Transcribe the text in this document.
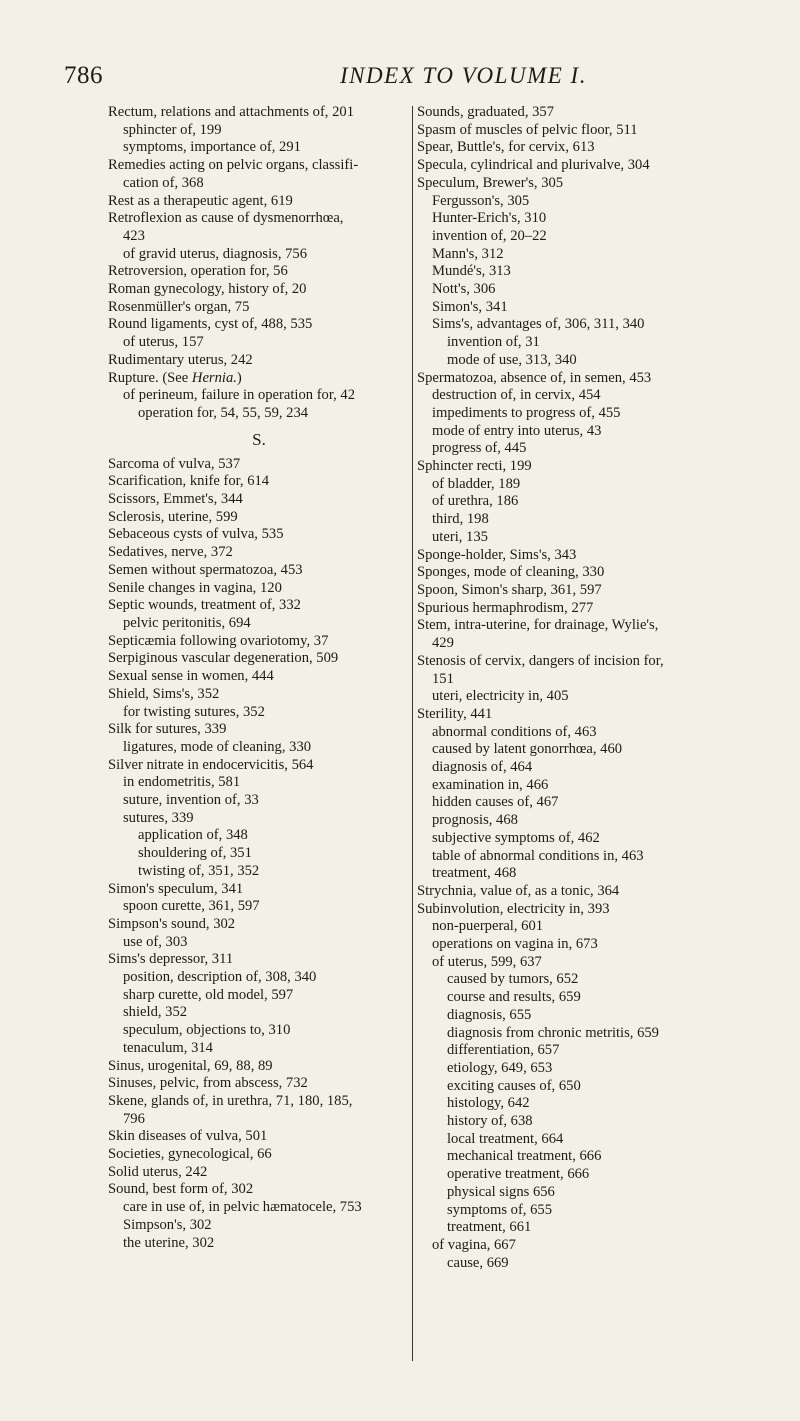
786	INDEX TO VOLUME I.
Rectum, relations and attachments of, 201
sphincter of, 199
symptoms, importance of, 291
Remedies acting on pelvic organs, classifi-
cation of, 368
Rest as a therapeutic agent, 619
Retroflexion as cause of dysmenorrhœa,
423
of gravid uterus, diagnosis, 756
Retroversion, operation for, 56
Roman gynecology, history of, 20
Rosenmüller's organ, 75
Round ligaments, cyst of, 488, 535
of uterus, 157
Rudimentary uterus, 242
Rupture. (See Hernia.)
of perineum, failure in operation for, 42
operation for, 54, 55, 59, 234
S.
Sarcoma of vulva, 537
Scarification, knife for, 614
Scissors, Emmet's, 344
Sclerosis, uterine, 599
Sebaceous cysts of vulva, 535
Sedatives, nerve, 372
Semen without spermatozoa, 453
Senile changes in vagina, 120
Septic wounds, treatment of, 332
pelvic peritonitis, 694
Septicæmia following ovariotomy, 37
Serpiginous vascular degeneration, 509
Sexual sense in women, 444
Shield, Sims's, 352
for twisting sutures, 352
Silk for sutures, 339
ligatures, mode of cleaning, 330
Silver nitrate in endocervicitis, 564
in endometritis, 581
suture, invention of, 33
sutures, 339
application of, 348
shouldering of, 351
twisting of, 351, 352
Simon's speculum, 341
spoon curette, 361, 597
Simpson's sound, 302
use of, 303
Sims's depressor, 311
position, description of, 308, 340
sharp curette, old model, 597
shield, 352
speculum, objections to, 310
tenaculum, 314
Sinus, urogenital, 69, 88, 89
Sinuses, pelvic, from abscess, 732
Skene, glands of, in urethra, 71, 180, 185,
796
Skin diseases of vulva, 501
Societies, gynecological, 66
Solid uterus, 242
Sound, best form of, 302
care in use of, in pelvic hæmatocele, 753
Simpson's, 302
the uterine, 302
Sounds, graduated, 357
Spasm of muscles of pelvic floor, 511
Spear, Buttle's, for cervix, 613
Specula, cylindrical and plurivalve, 304
Speculum, Brewer's, 305
Fergusson's, 305
Hunter-Erich's, 310
invention of, 20–22
Mann's, 312
Mundé's, 313
Nott's, 306
Simon's, 341
Sims's, advantages of, 306, 311, 340
invention of, 31
mode of use, 313, 340
Spermatozoa, absence of, in semen, 453
destruction of, in cervix, 454
impediments to progress of, 455
mode of entry into uterus, 43
progress of, 445
Sphincter recti, 199
of bladder, 189
of urethra, 186
third, 198
uteri, 135
Sponge-holder, Sims's, 343
Sponges, mode of cleaning, 330
Spoon, Simon's sharp, 361, 597
Spurious hermaphrodism, 277
Stem, intra-uterine, for drainage, Wylie's,
429
Stenosis of cervix, dangers of incision for,
151
uteri, electricity in, 405
Sterility, 441
abnormal conditions of, 463
caused by latent gonorrhœa, 460
diagnosis of, 464
examination in, 466
hidden causes of, 467
prognosis, 468
subjective symptoms of, 462
table of abnormal conditions in, 463
treatment, 468
Strychnia, value of, as a tonic, 364
Subinvolution, electricity in, 393
non-puerperal, 601
operations on vagina in, 673
of uterus, 599, 637
caused by tumors, 652
course and results, 659
diagnosis, 655
diagnosis from chronic metritis, 659
differentiation, 657
etiology, 649, 653
exciting causes of, 650
histology, 642
history of, 638
local treatment, 664
mechanical treatment, 666
operative treatment, 666
physical signs 656
symptoms of, 655
treatment, 661
of vagina, 667
cause, 669
